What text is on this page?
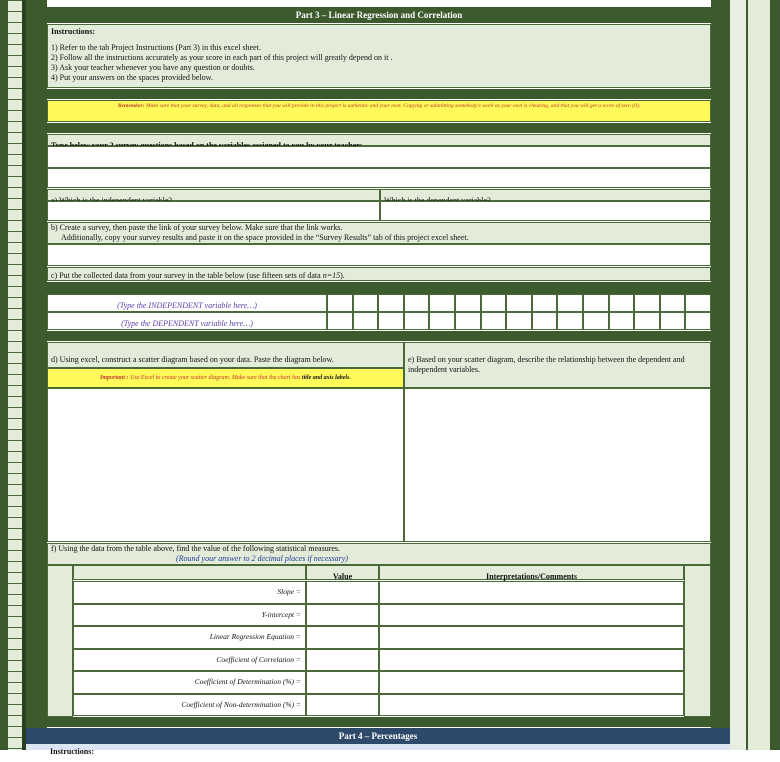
Part 3 – Linear Regression and Correlation
Instructions:
1) Refer to the tab Project Instructions (Part 3) in this excel sheet.
2) Follow all the instructions accurately as your score in each part of this project will greatly depend on it .
3) Ask your teacher whenever you have any question or doubts.
4) Put your answers on the spaces provided below.
Remember: Make sure that your survey, data, and all responses that you will provide in this project is authentic and your own. Copying or submitting somebody's work as your own is cheating, and that you will get a score of zero (0).
b) Create a survey, then paste the link of your survey below. Make sure that the link works.
Additionally, copy your survey results and paste it on the space provided in the “Survey Results” tab of this project excel sheet.
c) Put the collected data from your survey in the table below (use fifteen sets of data n=15).
(Type the INDEPENDENT variable here…)
(Type the DEPENDENT variable here…)
d) Using excel, construct a scatter diagram based on your data. Paste the diagram below.
Important : Use Excel to create your scatter diagram. Make sure that the chart has title and axis labels.
e) Based on your scatter diagram, describe the relationship between the dependent and independent variables.
f) Using the data from the table above, find the value of the following statistical measures.
(Round your answer to 2 decimal places if necessary)
Value	Interpretations/Comments
Slope =
Y-intercept =
Linear Regression Equation =
Coefficient of Correlation =
Coefficient of Determination (%) =
Coefficient of Non-determination (%) =
Part 4 – Percentages
Instructions:
